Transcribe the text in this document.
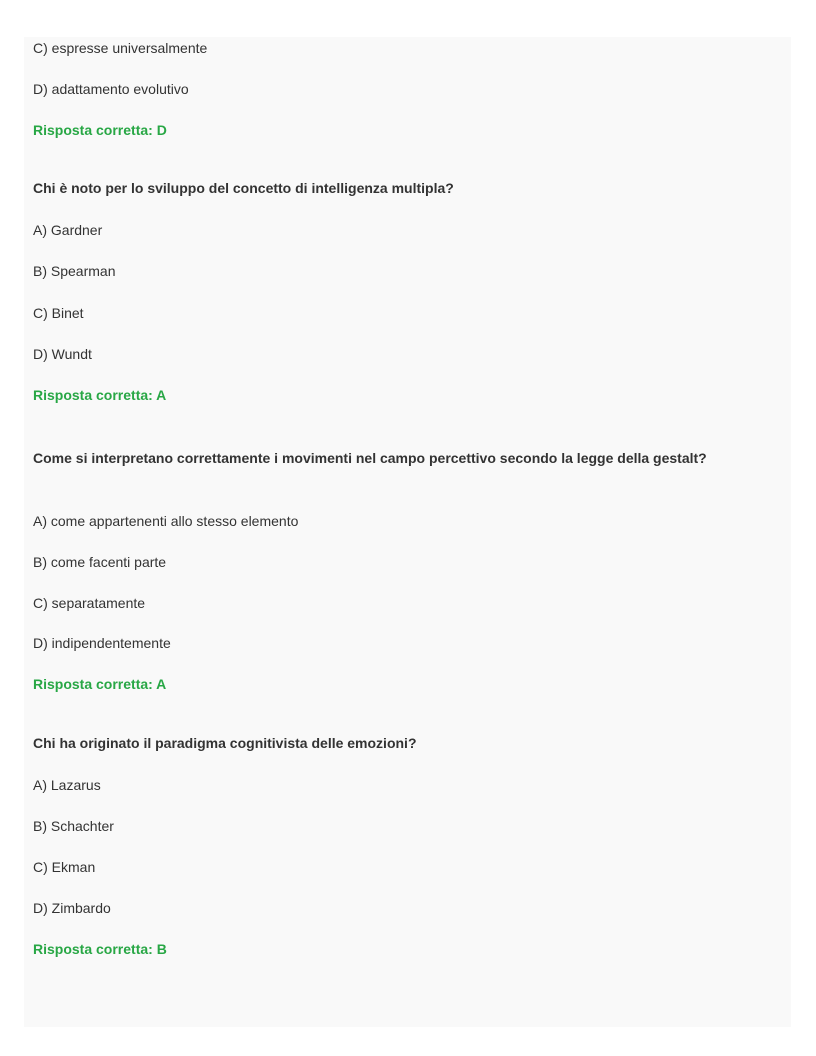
C) espresse universalmente
D) adattamento evolutivo
Risposta corretta: D
Chi è noto per lo sviluppo del concetto di intelligenza multipla?
A) Gardner
B) Spearman
C) Binet
D) Wundt
Risposta corretta: A
Come si interpretano correttamente i movimenti nel campo percettivo secondo la legge della gestalt?
A) come appartenenti allo stesso elemento
B) come facenti parte
C) separatamente
D) indipendentemente
Risposta corretta: A
Chi ha originato il paradigma cognitivista delle emozioni?
A) Lazarus
B) Schachter
C) Ekman
D) Zimbardo
Risposta corretta: B
